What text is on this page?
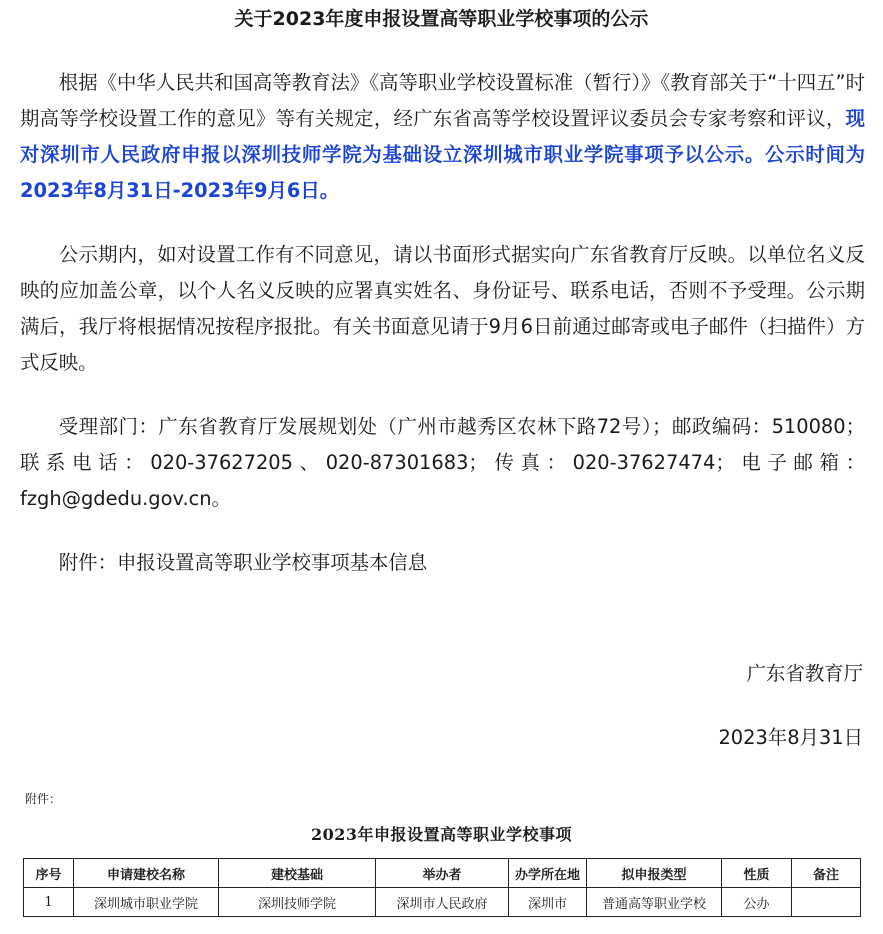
关于2023年度申报设置高等职业学校事项的公示

根据《中华人民共和国高等教育法》《高等职业学校设置标准（暂行）》《教育部关于“十四五”时期高等学校设置工作的意见》等有关规定，经广东省高等学校设置评议委员会专家考察和评议，现对深圳市人民政府申报以深圳技师学院为基础设立深圳城市职业学院事项予以公示。公示时间为2023年8月31日-2023年9月6日。

公示期内，如对设置工作有不同意见，请以书面形式据实向广东省教育厅反映。以单位名义反映的应加盖公章，以个人名义反映的应署真实姓名、身份证号、联系电话，否则不予受理。公示期满后，我厅将根据情况按程序报批。有关书面意见请于9月6日前通过邮寄或电子邮件（扫描件）方式反映。

受理部门：广东省教育厅发展规划处（广州市越秀区农林下路72号）；邮政编码：510080；联系电话：020-37627205、020-87301683；传真：020-37627474；电子邮箱：fzgh@gdedu.gov.cn。

附件：申报设置高等职业学校事项基本信息

广东省教育厅
2023年8月31日
附件：
2023年申报设置高等职业学校事项
序号	申请建校名称	建校基础	举办者	办学所在地	拟申报类型	性质	备注
1	深圳城市职业学院	深圳技师学院	深圳市人民政府	深圳市	普通高等职业学校	公办	
